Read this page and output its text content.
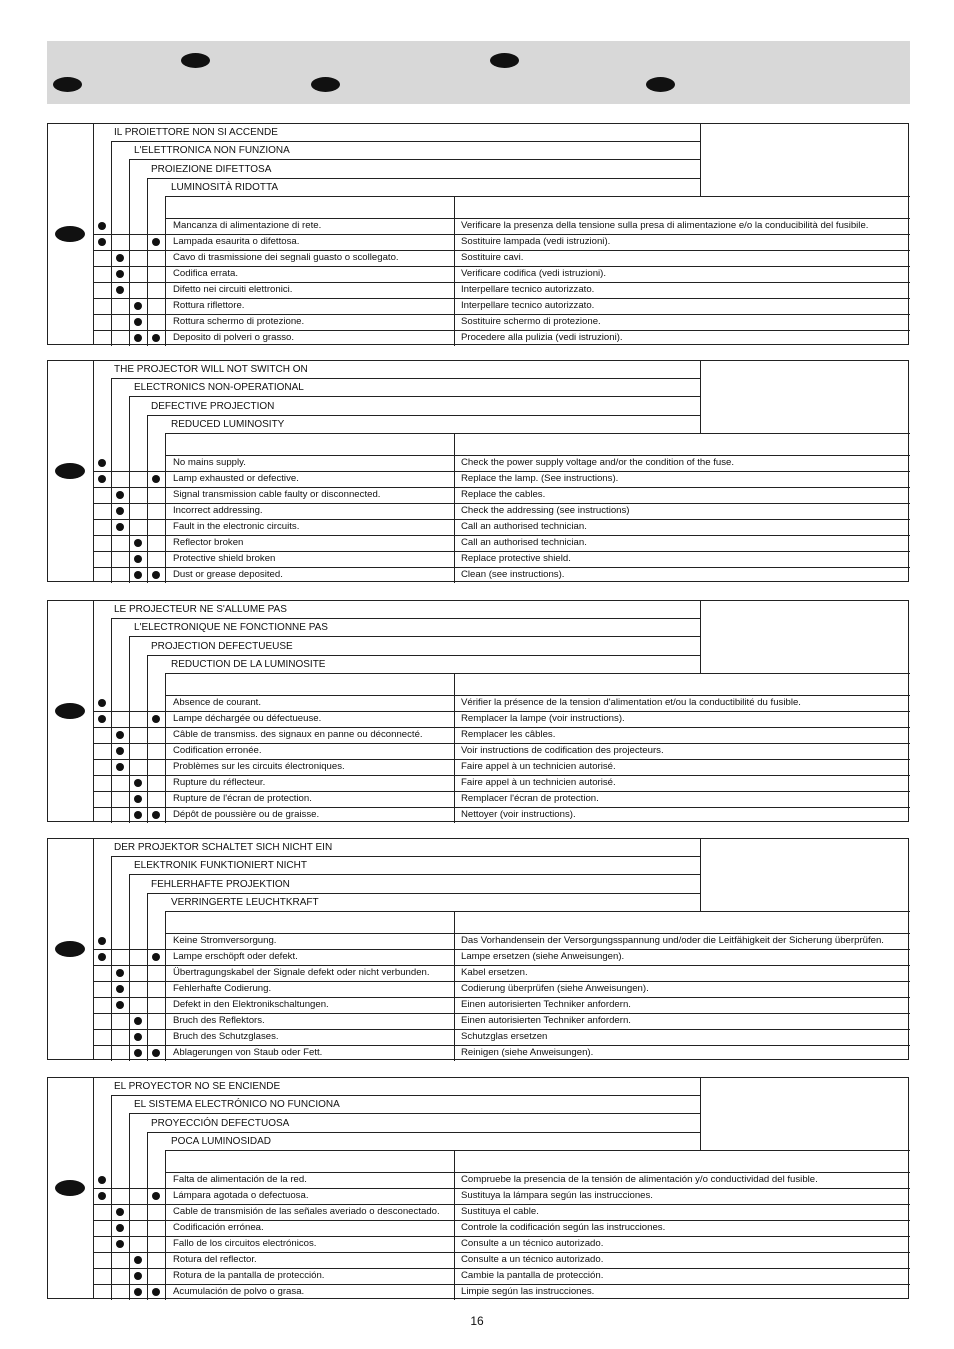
IL PROIETTORE NON SI ACCENDE
L'ELETTRONICA NON FUNZIONA
PROIEZIONE DIFETTOSA
LUMINOSITÀ RIDOTTA
Mancanza di alimentazione di rete.	Verificare la presenza della tensione sulla presa di alimentazione e/o la conducibilità del fusibile.
Lampada esaurita o difettosa.	Sostituire lampada (vedi istruzioni).
Cavo di trasmissione dei segnali guasto o scollegato.	Sostituire cavi.
Codifica errata.	Verificare codifica (vedi istruzioni).
Difetto nei circuiti elettronici.	Interpellare tecnico autorizzato.
Rottura riflettore.	Interpellare tecnico autorizzato.
Rottura schermo di protezione.	Sostituire schermo di protezione.
Deposito di polveri o grasso.	Procedere alla pulizia (vedi istruzioni).
THE PROJECTOR WILL NOT SWITCH ON
ELECTRONICS NON-OPERATIONAL
DEFECTIVE PROJECTION
REDUCED LUMINOSITY
No mains supply.	Check the power supply voltage and/or the condition of the fuse.
Lamp exhausted or defective.	Replace the lamp. (See instructions).
Signal transmission cable faulty or disconnected.	Replace the cables.
Incorrect addressing.	Check the addressing (see instructions)
Fault in the electronic circuits.	Call an authorised technician.
Reflector broken	Call an authorised technician.
Protective shield broken	Replace protective shield.
Dust or grease deposited.	Clean (see instructions).
LE PROJECTEUR NE S'ALLUME PAS
L'ELECTRONIQUE NE FONCTIONNE PAS
PROJECTION DEFECTUEUSE
REDUCTION DE LA LUMINOSITE
Absence de courant.	Vérifier la présence de la tension d'alimentation et/ou la conductibilité du fusible.
Lampe déchargée ou défectueuse.	Remplacer la lampe (voir instructions).
Câble de transmiss. des signaux en panne ou déconnecté.	Remplacer les câbles.
Codification erronée.	Voir instructions de codification des projecteurs.
Problèmes sur les circuits électroniques.	Faire appel à un technicien autorisé.
Rupture du réflecteur.	Faire appel à un technicien autorisé.
Rupture de l'écran de protection.	Remplacer l'écran de protection.
Dépôt de poussière ou de graisse.	Nettoyer (voir instructions).
DER PROJEKTOR SCHALTET SICH NICHT EIN
ELEKTRONIK FUNKTIONIERT NICHT
FEHLERHAFTE PROJEKTION
VERRINGERTE LEUCHTKRAFT
Keine Stromversorgung.	Das Vorhandensein der Versorgungsspannung und/oder die Leitfähigkeit der Sicherung überprüfen.
Lampe erschöpft oder defekt.	Lampe ersetzen (siehe Anweisungen).
Übertragungskabel der Signale defekt oder nicht verbunden.	Kabel ersetzen.
Fehlerhafte Codierung.	Codierung überprüfen (siehe Anweisungen).
Defekt in den Elektronikschaltungen.	Einen autorisierten Techniker anfordern.
Bruch des Reflektors.	Einen autorisierten Techniker anfordern.
Bruch des Schutzglases.	Schutzglas ersetzen
Ablagerungen von Staub oder Fett.	Reinigen (siehe Anweisungen).
EL PROYECTOR NO SE ENCIENDE
EL SISTEMA ELECTRÓNICO NO FUNCIONA
PROYECCIÓN DEFECTUOSA
POCA LUMINOSIDAD
Falta de alimentación de la red.	Compruebe la presencia de la tensión de alimentación y/o conductividad del fusible.
Lámpara agotada o defectuosa.	Sustituya la lámpara según las instrucciones.
Cable de transmisión de las señales averiado o desconectado. Sustituya el cable.
Codificación errónea.	Controle la codificación según las instrucciones.
Fallo de los circuitos electrónicos.	Consulte a un técnico autorizado.
Rotura del reflector.	Consulte a un técnico autorizado.
Rotura de la pantalla de protección.	Cambie la pantalla de protección.
Acumulación de polvo o grasa.	Limpie según las instrucciones.
16
